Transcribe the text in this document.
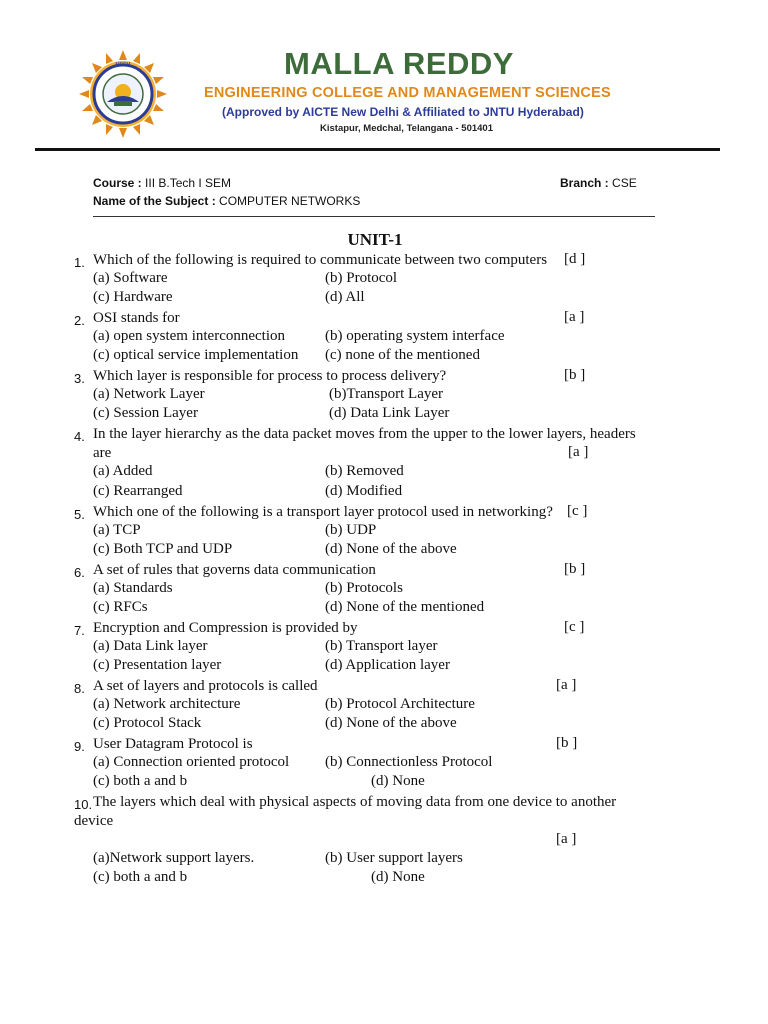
MREM	MALLA REDDY
ENGINEERING COLLEGE AND MANAGEMENT SCIENCES
(Approved by AICTE New Delhi & Affiliated to JNTU Hyderabad)
Kistapur, Medchal, Telangana - 501401
Course : III B.Tech I SEM	Branch : CSE
Name of the Subject : COMPUTER NETWORKS
UNIT-1
1. Which of the following is required to communicate between two computers [d ]
(a) Software	(b) Protocol
(c) Hardware	(d) All
2. OSI stands for	[a ]
(a) open system interconnection	(b) operating system interface
(c) optical service implementation (c) none of the mentioned
3. Which layer is responsible for process to process delivery?	[b ]
(a) Network Layer	(b)Transport Layer
(c) Session Layer	(d) Data Link Layer
4. In the layer hierarchy as the data packet moves from the upper to the lower layers, headers
are	[a ]
(a) Added	(b) Removed
(c) Rearranged	(d) Modified
5. Which one of the following is a transport layer protocol used in networking? [c ]
(a) TCP	(b) UDP
(c) Both TCP and UDP	(d) None of the above
6. A set of rules that governs data communication	[b ]
(a) Standards	(b) Protocols
(c) RFCs	(d) None of the mentioned
7. Encryption and Compression is provided by	[c ]
(a) Data Link layer	(b) Transport layer
(c) Presentation layer	(d) Application layer
8. A set of layers and protocols is called	[a ]
(a) Network architecture	(b) Protocol Architecture
(c) Protocol Stack	(d) None of the above
9. User Datagram Protocol is	[b ]
(a) Connection oriented protocol (b) Connectionless Protocol
(c) both a and b	(d) None
10. The layers which deal with physical aspects of moving data from one device to another
device
[a ]
(a)Network support layers.	(b) User support layers
(c) both a and b	(d) None
